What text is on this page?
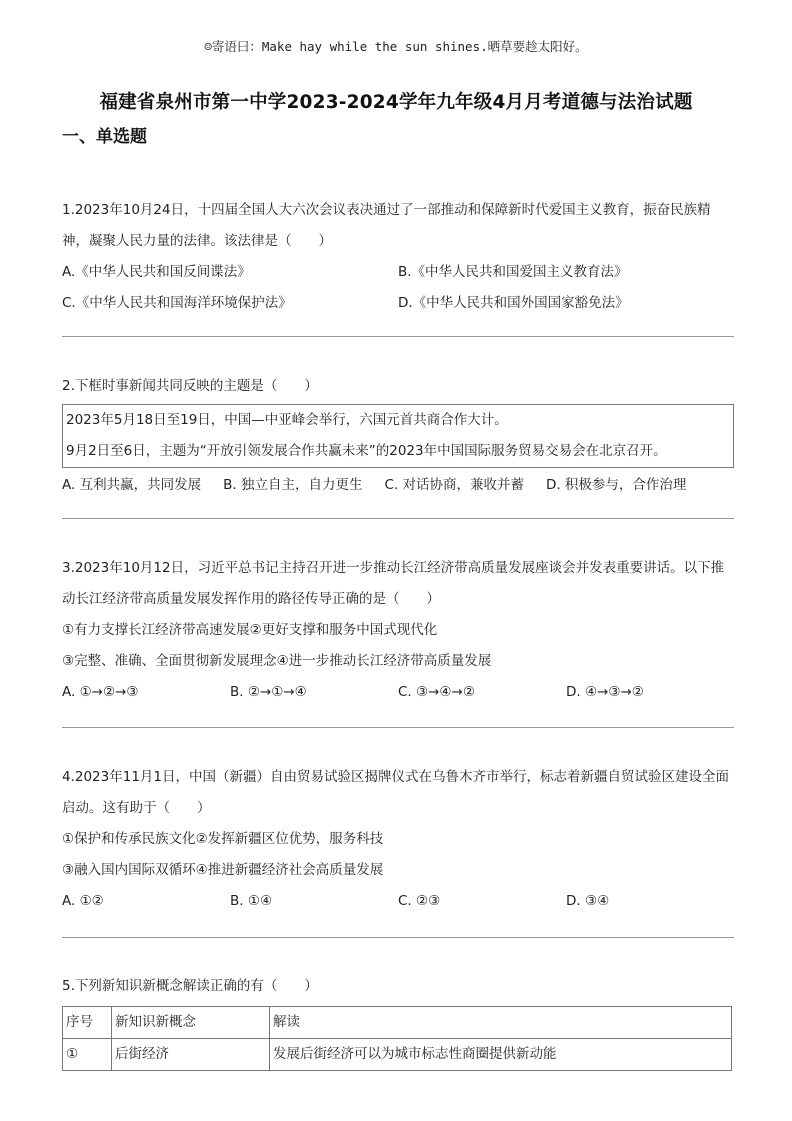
☺寄语曰：Make hay while the sun shines.晒草要趁太阳好。
福建省泉州市第一中学2023-2024学年九年级4月月考道德与法治试题
一、单选题

1.2023年10月24日，十四届全国人大六次会议表决通过了一部推动和保障新时代爱国主义教育，振奋民族精神，凝聚人民力量的法律。该法律是（　　）

A.《中华人民共和国反间谍法》	B.《中华人民共和国爱国主义教育法》
C.《中华人民共和国海洋环境保护法》	D.《中华人民共和国外国国家豁免法》

2.下框时事新闻共同反映的主题是（　　）

2023年5月18日至19日，中国—中亚峰会举行，六国元首共商合作大计。

9月2日至6日，主题为“开放引领发展合作共赢未来”的2023年中国国际服务贸易交易会在北京召开。

A. 互利共赢，共同发展 B. 独立自主，自力更生 C. 对话协商，兼收并蓄 D. 积极参与，合作治理

3.2023年10月12日，习近平总书记主持召开进一步推动长江经济带高质量发展座谈会并发表重要讲话。以下推动长江经济带高质量发展发挥作用的路径传导正确的是（　　）

①有力支撑长江经济带高速发展②更好支撑和服务中国式现代化

③完整、准确、全面贯彻新发展理念④进一步推动长江经济带高质量发展

A. ①→②→③	B. ②→①→④	C. ③→④→②	D. ④→③→②

4.2023年11月1日，中国（新疆）自由贸易试验区揭牌仪式在乌鲁木齐市举行，标志着新疆自贸试验区建设全面启动。这有助于（　　）

①保护和传承民族文化②发挥新疆区位优势，服务科技

③融入国内国际双循环④推进新疆经济社会高质量发展

A. ①②	B. ①④	C. ②③	D. ③④

5.下列新知识新概念解读正确的有（　　）

序号	新知识新概念	解读
①	后街经济	发展后街经济可以为城市标志性商圈提供新动能
